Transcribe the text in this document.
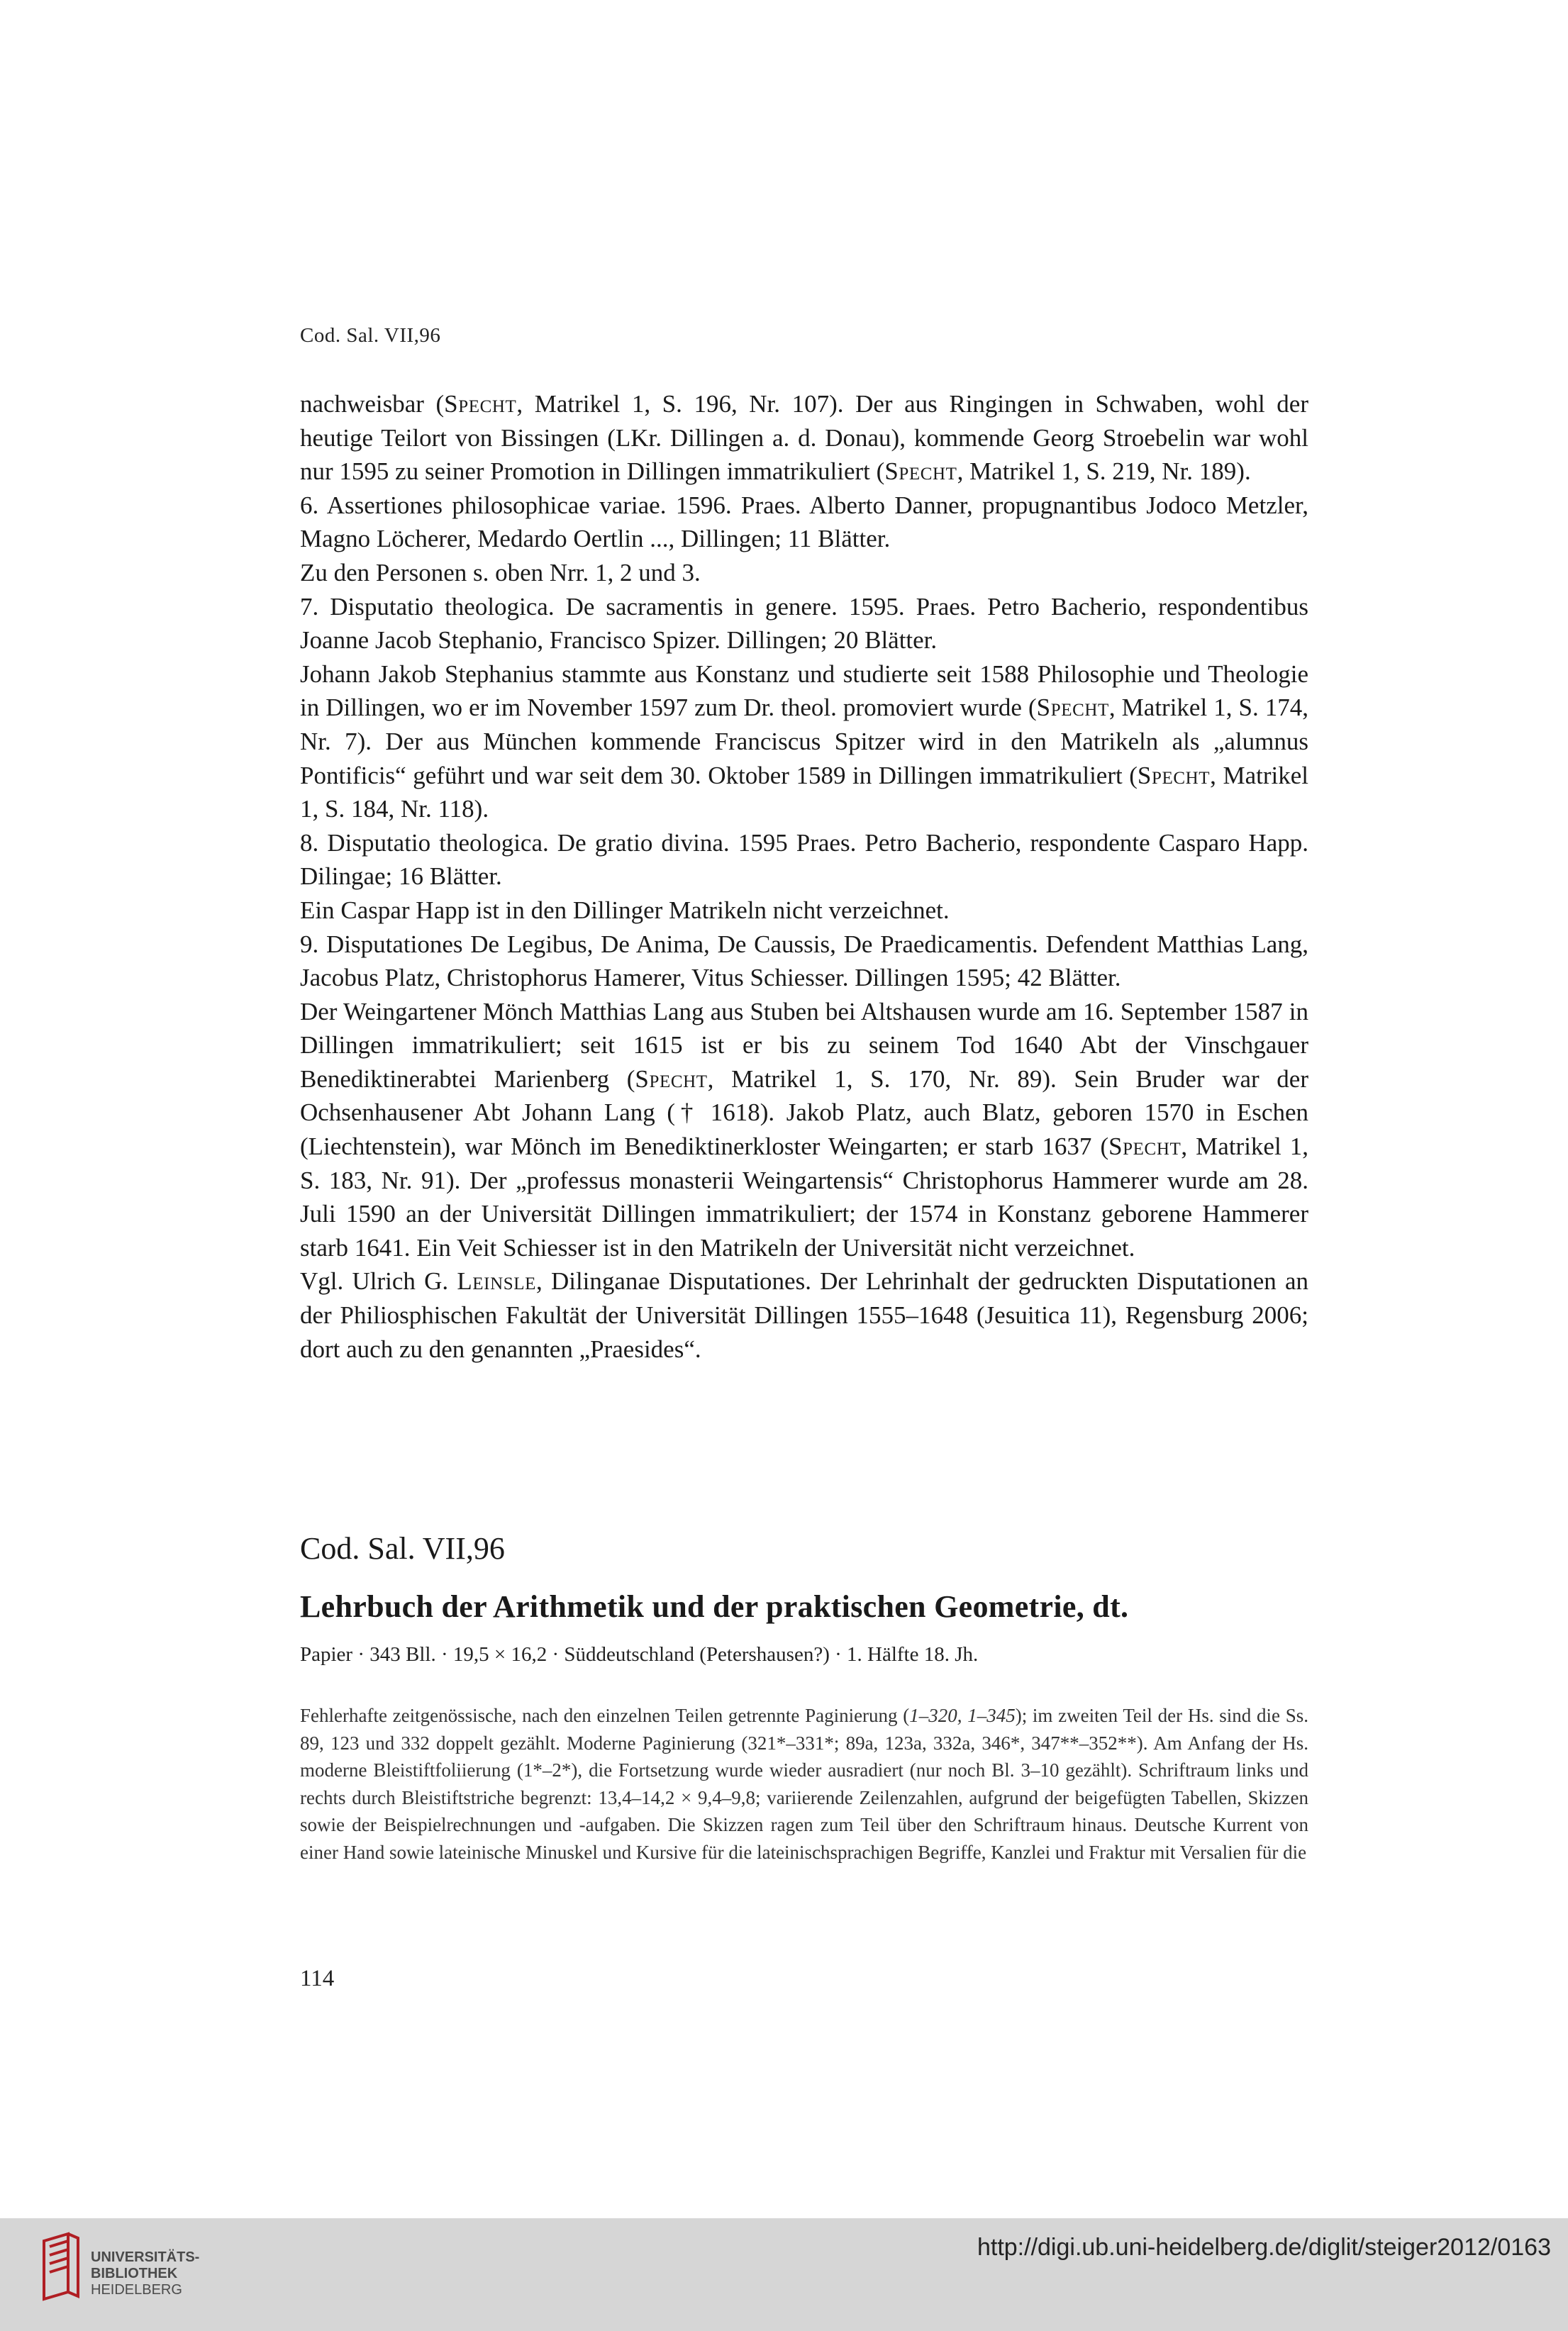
Cod. Sal. VII,96

nachweisbar (Specht, Matrikel 1, S. 196, Nr. 107). Der aus Ringingen in Schwaben, wohl der heutige Teilort von Bissingen (LKr. Dillingen a. d. Donau), kommende Georg Stroebelin war wohl nur 1595 zu seiner Promotion in Dillingen immatrikuliert (Specht, Matrikel 1, S. 219, Nr. 189).

6. Assertiones philosophicae variae. 1596. Praes. Alberto Danner, propugnantibus Jodoco Metzler, Magno Löcherer, Medardo Oertlin ..., Dillingen; 11 Blätter.

Zu den Personen s. oben Nrr. 1, 2 und 3.

7. Disputatio theologica. De sacramentis in genere. 1595. Praes. Petro Bacherio, respondentibus Joanne Jacob Stephanio, Francisco Spizer. Dillingen; 20 Blätter.

Johann Jakob Stephanius stammte aus Konstanz und studierte seit 1588 Philosophie und Theologie in Dillingen, wo er im November 1597 zum Dr. theol. promoviert wurde (Specht, Matrikel 1, S. 174, Nr. 7). Der aus München kommende Franciscus Spitzer wird in den Matrikeln als „alumnus Pontificis“ geführt und war seit dem 30. Oktober 1589 in Dillingen immatrikuliert (Specht, Matrikel 1, S. 184, Nr. 118).

8. Disputatio theologica. De gratio divina. 1595 Praes. Petro Bacherio, respondente Casparo Happ. Dilingae; 16 Blätter.

Ein Caspar Happ ist in den Dillinger Matrikeln nicht verzeichnet.

9. Disputationes De Legibus, De Anima, De Caussis, De Praedicamentis. Defendent Matthias Lang, Jacobus Platz, Christophorus Hamerer, Vitus Schiesser. Dillingen 1595; 42 Blätter.

Der Weingartener Mönch Matthias Lang aus Stuben bei Altshausen wurde am 16. September 1587 in Dillingen immatrikuliert; seit 1615 ist er bis zu seinem Tod 1640 Abt der Vinschgauer Benediktinerabtei Marienberg (Specht, Matrikel 1, S. 170, Nr. 89). Sein Bruder war der Ochsenhausener Abt Johann Lang († 1618). Jakob Platz, auch Blatz, geboren 1570 in Eschen (Liechtenstein), war Mönch im Benediktinerkloster Weingarten; er starb 1637 (Specht, Matrikel 1, S. 183, Nr. 91). Der „professus monasterii Weingartensis“ Christophorus Hammerer wurde am 28. Juli 1590 an der Universität Dillingen immatrikuliert; der 1574 in Konstanz geborene Hammerer starb 1641. Ein Veit Schiesser ist in den Matrikeln der Universität nicht verzeichnet.

Vgl. Ulrich G. Leinsle, Dilinganae Disputationes. Der Lehrinhalt der gedruckten Disputationen an der Philiosphischen Fakultät der Universität Dillingen 1555–1648 (Jesuitica 11), Regensburg 2006; dort auch zu den genannten „Praesides“.

Cod. Sal. VII,96
Lehrbuch der Arithmetik und der praktischen Geometrie, dt.
Papier · 343 Bll. · 19,5 × 16,2 · Süddeutschland (Petershausen?) · 1. Hälfte 18. Jh.

Fehlerhafte zeitgenössische, nach den einzelnen Teilen getrennte Paginierung (1–320, 1–345); im zweiten Teil der Hs. sind die Ss. 89, 123 und 332 doppelt gezählt. Moderne Paginierung (321*–331*; 89a, 123a, 332a, 346*, 347**–352**). Am Anfang der Hs. moderne Bleistiftfoliierung (1*–2*), die Fortsetzung wurde wieder ausradiert (nur noch Bl. 3–10 gezählt). Schriftraum links und rechts durch Bleistiftstriche begrenzt: 13,4–14,2 × 9,4–9,8; variierende Zeilenzahlen, aufgrund der beigefügten Tabellen, Skizzen sowie der Beispielrechnungen und -aufgaben. Die Skizzen ragen zum Teil über den Schriftraum hinaus. Deutsche Kurrent von einer Hand sowie lateinische Minuskel und Kursive für die lateinischsprachigen Begriffe, Kanzlei und Fraktur mit Versalien für die

114
UNIVERSITÄTS-
BIBLIOTHEK
HEIDELBERG
http://digi.ub.uni-heidelberg.de/diglit/steiger2012/0163
